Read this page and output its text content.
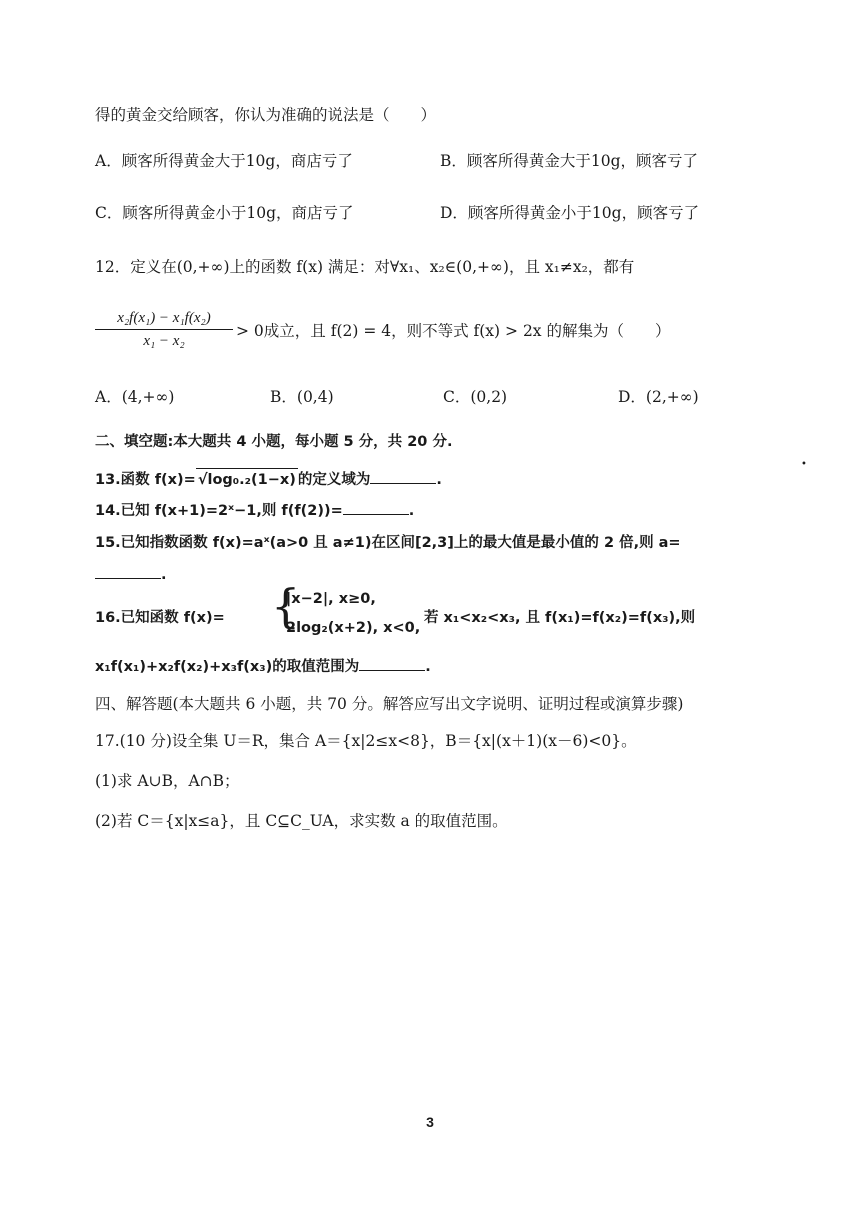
得的黄金交给顾客，你认为准确的说法是（　　）
A．顾客所得黄金大于10g，商店亏了	B．顾客所得黄金大于10g，顾客亏了
C．顾客所得黄金小于10g，商店亏了	D．顾客所得黄金小于10g，顾客亏了
12．定义在(0,+∞)上的函数 f(x) 满足：对∀x₁、x₂∈(0,+∞)，且 x₁≠x₂，都有
x₂f(x₁) − x₁f(x₂)
x₁ − x₂
> 0成立，且 f(2) = 4，则不等式 f(x) > 2x 的解集为（　　）
A．(4,+∞)	B．(0,4)	C．(0,2)	D．(2,+∞)
二、填空题:本大题共 4 小题，每小题 5 分，共 20 分.
•
13.函数 f(x)= √log₀.₂(1−x) 的定义域为	.
14.已知 f(x+1)=2ˣ−1,则 f(f(2))=	.
15.已知指数函数 f(x)=aˣ(a>0 且 a≠1)在区间[2,3]上的最大值是最小值的 2 倍,则 a=
.
16.已知函数 f(x)= {
|x−2|, x≥0,
2log₂(x+2), x<0,
若 x₁<x₂<x₃, 且 f(x₁)=f(x₂)=f(x₃),则
x₁f(x₁)+x₂f(x₂)+x₃f(x₃)的取值范围为	.
四、解答题(本大题共 6 小题，共 70 分。解答应写出文字说明、证明过程或演算步骤)
17.(10 分)设全集 U＝R，集合 A＝{x|2≤x<8}，B＝{x|(x＋1)(x－6)<0}。
(1)求 A∪B，A∩B；
(2)若 C＝{x|x≤a}，且 C⊆C_UA，求实数 a 的取值范围。
3
